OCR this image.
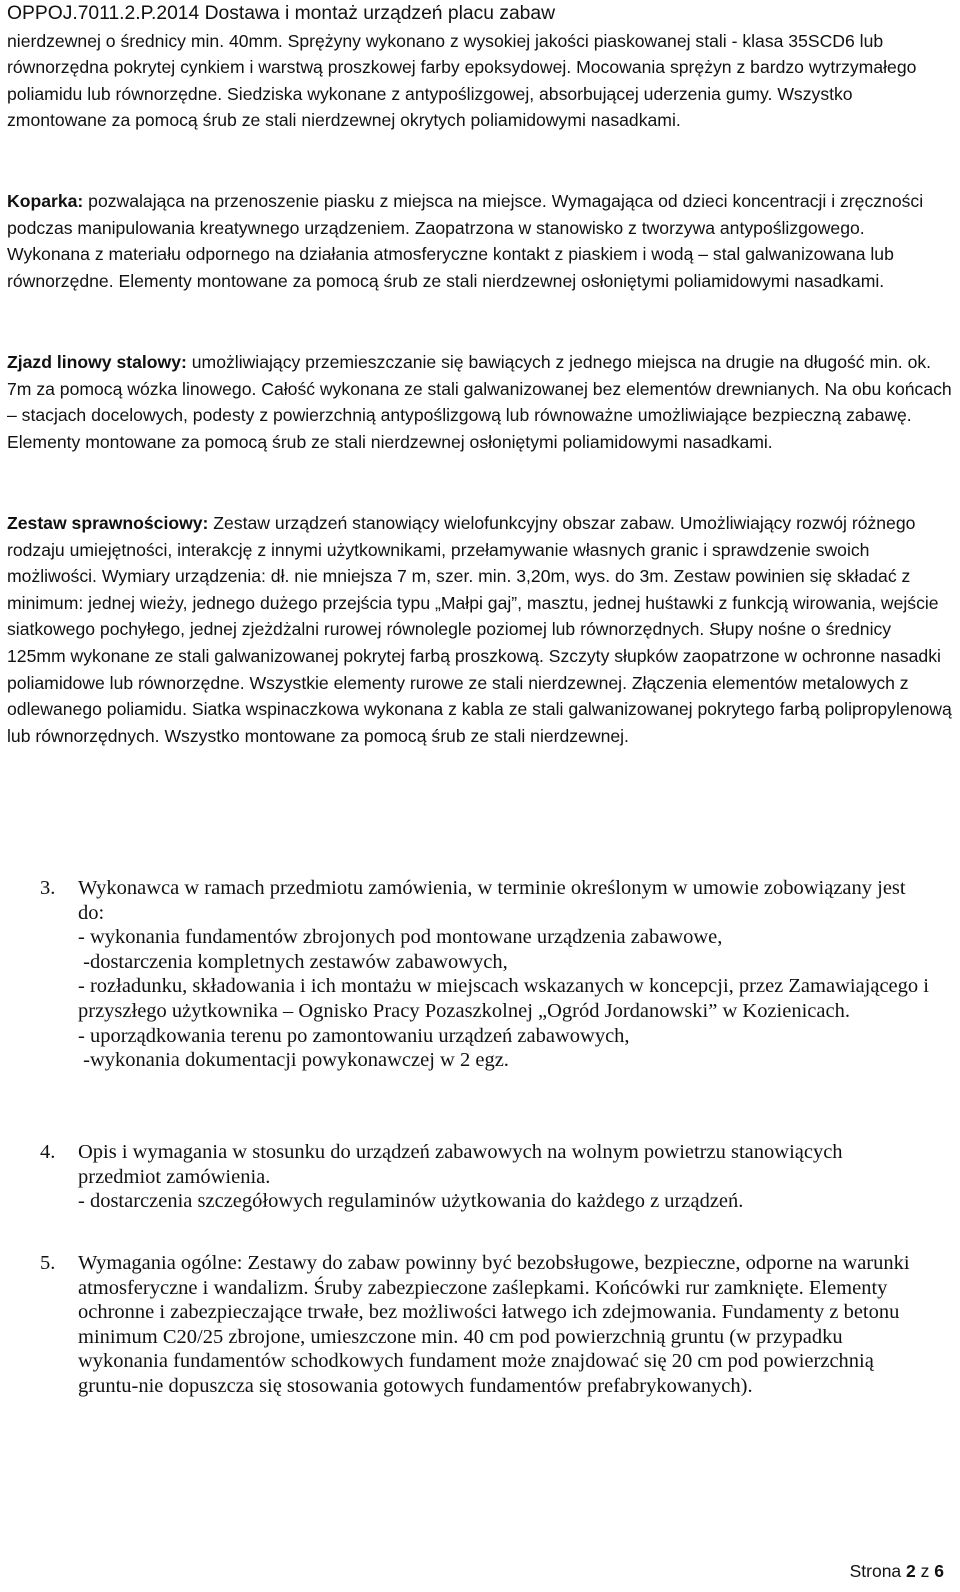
OPPOJ.7011.2.P.2014 Dostawa i montaż urządzeń placu zabaw

nierdzewnej o średnicy min. 40mm. Sprężyny wykonano z wysokiej jakości piaskowanej stali - klasa 35SCD6 lub równorzędna pokrytej cynkiem i warstwą proszkowej farby epoksydowej. Mocowania sprężyn z bardzo wytrzymałego poliamidu lub równorzędne. Siedziska wykonane z antypoślizgowej, absorbującej uderzenia gumy. Wszystko zmontowane za pomocą śrub ze stali nierdzewnej okrytych poliamidowymi nasadkami.

Koparka: pozwalająca na przenoszenie piasku z miejsca na miejsce. Wymagająca od dzieci koncentracji i zręczności podczas manipulowania kreatywnego urządzeniem. Zaopatrzona w stanowisko z tworzywa antypoślizgowego. Wykonana z materiału odpornego na działania atmosferyczne kontakt z piaskiem i wodą – stal galwanizowana lub równorzędne. Elementy montowane za pomocą śrub ze stali nierdzewnej osłoniętymi poliamidowymi nasadkami.

Zjazd linowy stalowy: umożliwiający przemieszczanie się bawiących z jednego miejsca na drugie na długość min. ok. 7m za pomocą wózka linowego. Całość wykonana ze stali galwanizowanej bez elementów drewnianych. Na obu końcach – stacjach docelowych, podesty z powierzchnią antypoślizgową lub równoważne umożliwiające bezpieczną zabawę. Elementy montowane za pomocą śrub ze stali nierdzewnej osłoniętymi poliamidowymi nasadkami.

Zestaw sprawnościowy: Zestaw urządzeń stanowiący wielofunkcyjny obszar zabaw. Umożliwiający rozwój różnego rodzaju umiejętności, interakcję z innymi użytkownikami, przełamywanie własnych granic i sprawdzenie swoich możliwości. Wymiary urządzenia: dł. nie mniejsza 7 m, szer. min. 3,20m, wys. do 3m. Zestaw powinien się składać z minimum: jednej wieży, jednego dużego przejścia typu „Małpi gaj”, masztu, jednej huśtawki z funkcją wirowania, wejście siatkowego pochyłego, jednej zjeżdżalni rurowej równolegle poziomej lub równorzędnych. Słupy nośne o średnicy 125mm wykonane ze stali galwanizowanej pokrytej farbą proszkową. Szczyty słupków zaopatrzone w ochronne nasadki poliamidowe lub równorzędne. Wszystkie elementy rurowe ze stali nierdzewnej. Złączenia elementów metalowych z odlewanego poliamidu. Siatka wspinaczkowa wykonana z kabla ze stali galwanizowanej pokrytego farbą polipropylenową lub równorzędnych. Wszystko montowane za pomocą śrub ze stali nierdzewnej.

3.	Wykonawca w ramach przedmiotu zamówienia, w terminie określonym w umowie zobowiązany jest do:

- wykonania fundamentów zbrojonych pod montowane urządzenia zabawowe,

-dostarczenia kompletnych zestawów zabawowych,

- rozładunku, składowania i ich montażu w miejscach wskazanych w koncepcji, przez Zamawiającego i przyszłego użytkownika – Ognisko Pracy Pozaszkolnej „Ogród Jordanowski” w Kozienicach.

- uporządkowania terenu po zamontowaniu urządzeń zabawowych,

-wykonania dokumentacji powykonawczej w 2 egz.

4.	Opis i wymagania w stosunku do urządzeń zabawowych na wolnym powietrzu stanowiących przedmiot zamówienia.

- dostarczenia szczegółowych regulaminów użytkowania do każdego z urządzeń.

5.	Wymagania ogólne: Zestawy do zabaw powinny być bezobsługowe, bezpieczne, odporne na warunki atmosferyczne i wandalizm. Śruby zabezpieczone zaślepkami. Końcówki rur zamknięte. Elementy ochronne i zabezpieczające trwałe, bez możliwości łatwego ich zdejmowania. Fundamenty z betonu minimum C20/25 zbrojone, umieszczone min. 40 cm pod powierzchnią gruntu (w przypadku wykonania fundamentów schodkowych fundament może znajdować się 20 cm pod powierzchnią gruntu-nie dopuszcza się stosowania gotowych fundamentów prefabrykowanych).

Strona 2 z 6
